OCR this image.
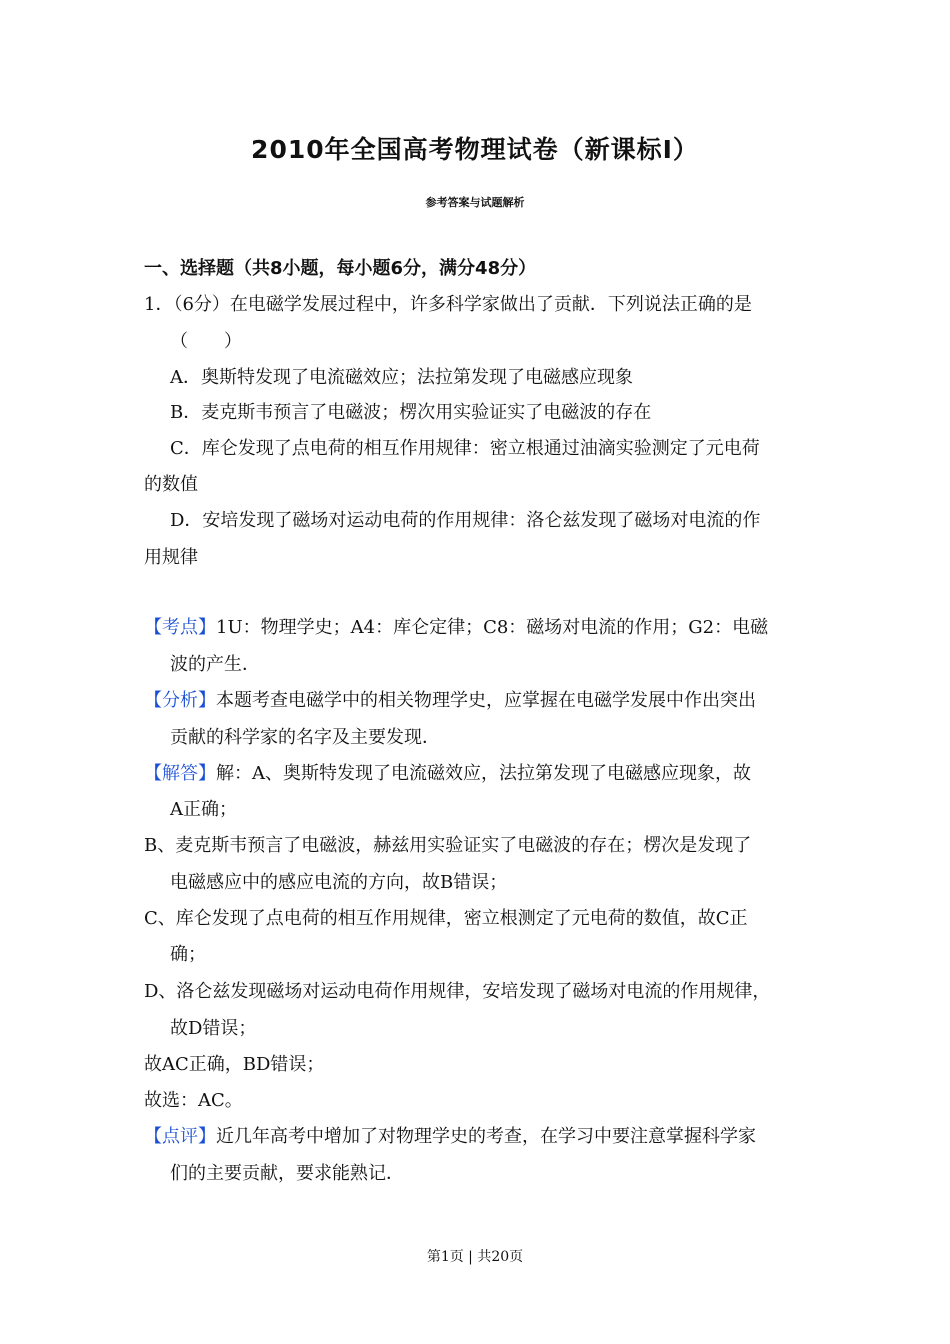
2010年全国高考物理试卷（新课标Ⅰ）
参考答案与试题解析
一、选择题（共8小题，每小题6分，满分48分）
1．（6分）在电磁学发展过程中，许多科学家做出了贡献．下列说法正确的是
（　　）
A．奥斯特发现了电流磁效应；法拉第发现了电磁感应现象
B．麦克斯韦预言了电磁波；楞次用实验证实了电磁波的存在
C．库仑发现了点电荷的相互作用规律：密立根通过油滴实验测定了元电荷
的数值
D．安培发现了磁场对运动电荷的作用规律：洛仑兹发现了磁场对电流的作
用规律
【考点】1U：物理学史；A4：库仑定律；C8：磁场对电流的作用；G2：电磁
波的产生．
【分析】本题考查电磁学中的相关物理学史，应掌握在电磁学发展中作出突出
贡献的科学家的名字及主要发现．
【解答】解：A、奥斯特发现了电流磁效应，法拉第发现了电磁感应现象，故
A正确；
B、麦克斯韦预言了电磁波，赫兹用实验证实了电磁波的存在；楞次是发现了
电磁感应中的感应电流的方向，故B错误；
C、库仑发现了点电荷的相互作用规律，密立根测定了元电荷的数值，故C正
确；
D、洛仑兹发现磁场对运动电荷作用规律，安培发现了磁场对电流的作用规律，
故D错误；
故AC正确，BD错误；
故选：AC。
【点评】近几年高考中增加了对物理学史的考查，在学习中要注意掌握科学家
们的主要贡献，要求能熟记．
第1页 | 共20页
